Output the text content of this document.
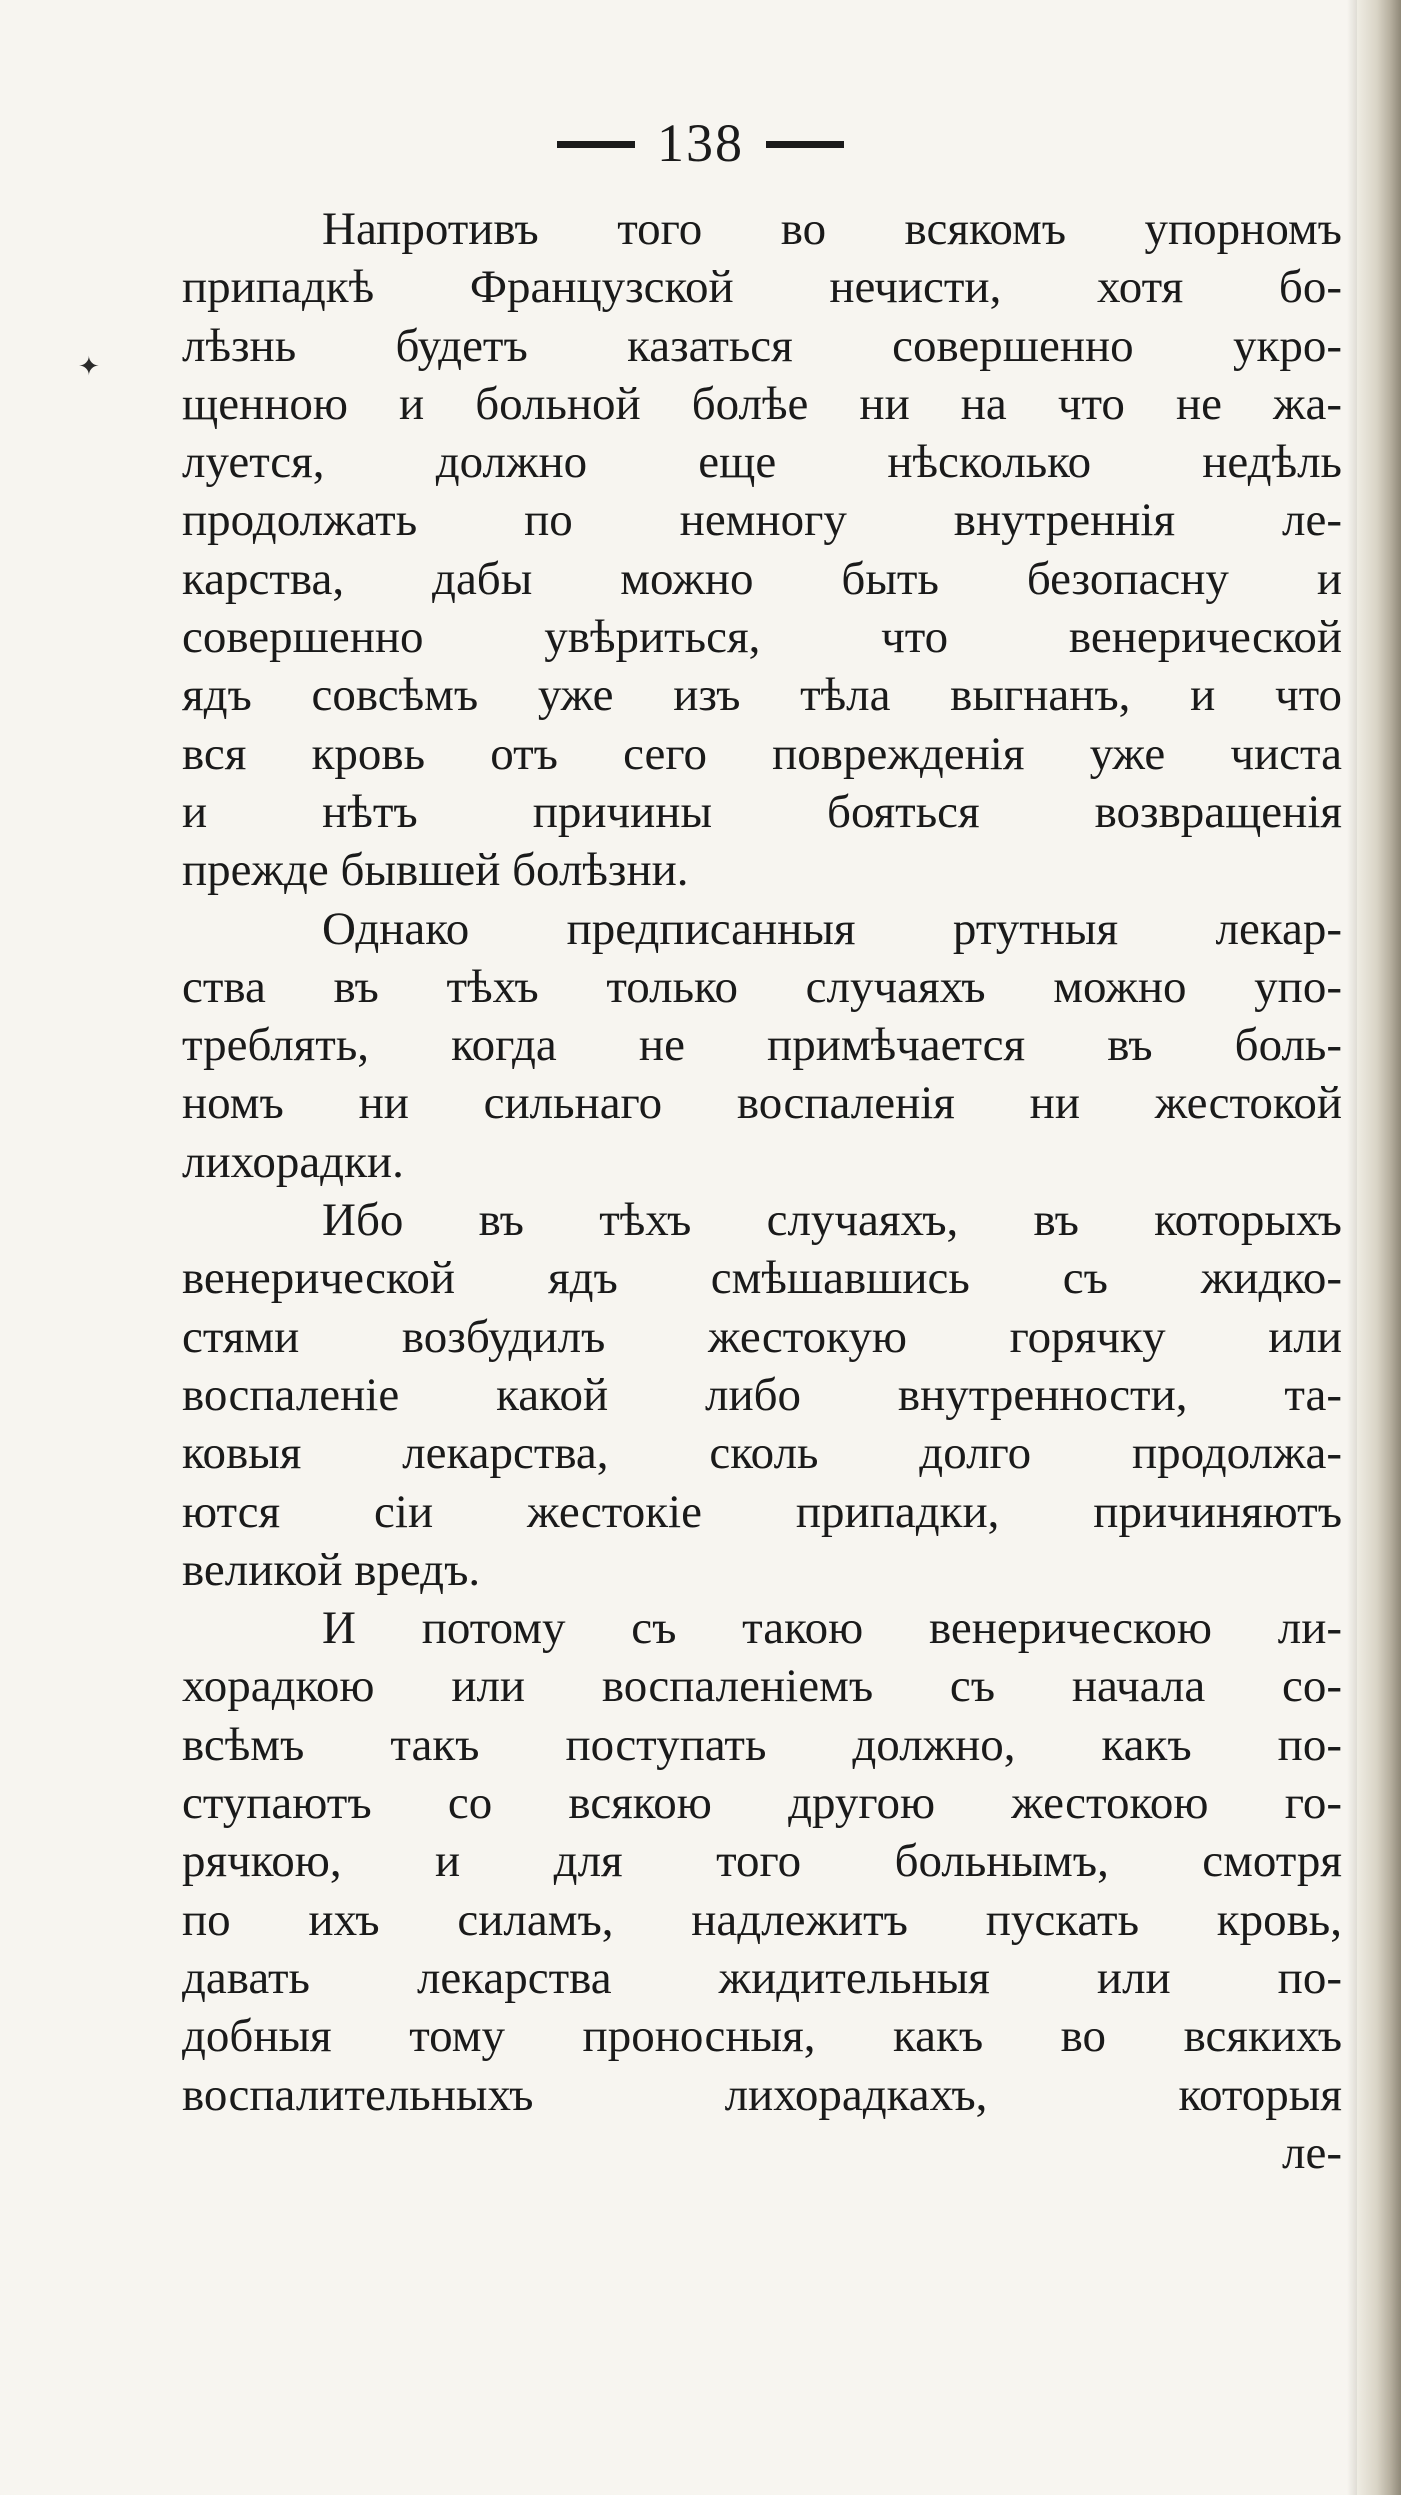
138
✦
Напротивъ того во всякомъ упорномъ
припадкѣ Французской нечисти, хотя бо-
лѣзнь будетъ казаться совершенно укро-
щенною и больной болѣе ни на что не жа-
луется, должно еще нѣсколько недѣль
продолжать по немногу внутреннія ле-
карства, дабы можно быть безопасну и
совершенно увѣриться, что венерической
ядъ совсѣмъ уже изъ тѣла выгнанъ, и что
вся кровь отъ сего поврежденія уже чиста
и нѣтъ причины бояться возвращенія
прежде бывшей болѣзни.
Однако предписанныя ртутныя лекар-
ства въ тѣхъ только случаяхъ можно упо-
треблять, когда не примѣчается въ боль-
номъ ни сильнаго воспаленія ни жестокой
лихорадки.
Ибо въ тѣхъ случаяхъ, въ которыхъ
венерической ядъ смѣшавшись съ жидко-
стями возбудилъ жестокую горячку или
воспаленіе какой либо внутренности, та-
ковыя лекарства, сколь долго продолжа-
ются сіи жестокіе припадки, причиняютъ
великой вредъ.
И потому съ такою венерическою ли-
хорадкою или воспаленіемъ съ начала со-
всѣмъ такъ поступать должно, какъ по-
ступаютъ со всякою другою жестокою го-
рячкою, и для того больнымъ, смотря
по ихъ силамъ, надлежитъ пускать кровь,
давать лекарства жидительныя или по-
добныя тому проносныя, какъ во всякихъ
воспалительныхъ лихорадкахъ, которыя
ле-
